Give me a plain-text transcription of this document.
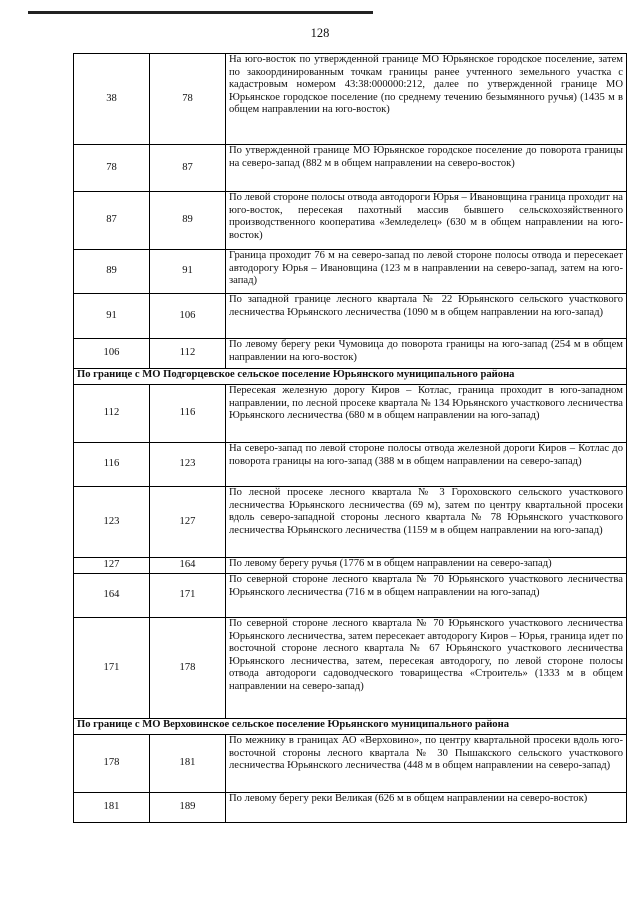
128
38	78	На юго-восток по утвержденной границе МО Юрьянское городское поселение, затем по закоординированным точкам границы ранее учтенного земельного участка с кадастровым номером 43:38:000000:212, далее по утвержденной границе МО Юрьянское городское поселение (по среднему течению безымянного ручья) (1435 м в общем направлении на юго-восток)
78	87	По утвержденной границе МО Юрьянское городское поселение до поворота границы на северо-запад (882 м в общем направлении на северо-восток)
87	89	По левой стороне полосы отвода автодороги Юрья – Ивановщина граница проходит на юго-восток, пересекая пахотный массив бывшего сельскохозяйственного производственного кооператива «Земледелец» (630 м в общем направлении на юго-восток)
89	91	Граница проходит 76 м на северо-запад по левой стороне полосы отвода и пересекает автодорогу Юрья – Ивановщина (123 м в направлении на северо-запад, затем на юго-запад)
91	106	По западной границе лесного квартала № 22 Юрьянского сельского участкового лесничества Юрьянского лесничества (1090 м в общем направлении на юго-запад)
106	112	По левому берегу реки Чумовица до поворота границы на юго-запад (254 м в общем направлении на юго-восток)
По границе с МО Подгорцевское сельское поселение Юрьянского муниципального района		
112	116	Пересекая железную дорогу Киров – Котлас, граница проходит в юго-западном направлении, по лесной просеке квартала № 134 Юрьянского участкового лесничества Юрьянского лесничества (680 м в общем направлении на юго-запад)
116	123	На северо-запад по левой стороне полосы отвода железной дороги Киров – Котлас до поворота границы на юго-запад (388 м в общем направлении на северо-запад)
123	127	По лесной просеке лесного квартала № 3 Гороховского сельского участкового лесничества Юрьянского лесничества (69 м), затем по центру квартальной просеки вдоль северо-западной стороны лесного квартала № 78 Юрьянского участкового лесничества Юрьянского лесничества (1159 м в общем направлении на юго-запад)
127	164	По левому берегу ручья (1776 м в общем направлении на северо-запад)
164	171	По северной стороне лесного квартала № 70 Юрьянского участкового лесничества Юрьянского лесничества (716 м в общем направлении на юго-запад)
171	178	По северной стороне лесного квартала № 70 Юрьянского участкового лесничества Юрьянского лесничества, затем пересекает автодорогу Киров – Юрья, граница идет по восточной стороне лесного квартала № 67 Юрьянского участкового лесничества Юрьянского лесничества, затем, пересекая автодорогу, по левой стороне полосы отвода автодороги садоводческого товарищества «Строитель» (1333 м в общем направлении на северо-запад)
По границе с МО Верховинское сельское поселение Юрьянского муниципального района		
178	181	По межнику в границах АО «Верховино», по центру квартальной просеки вдоль юго-восточной стороны лесного квартала № 30 Пышакского сельского участкового лесничества Юрьянского лесничества (448 м в общем направлении на северо-запад)
181	189	По левому берегу реки Великая (626 м в общем направлении на северо-восток)
